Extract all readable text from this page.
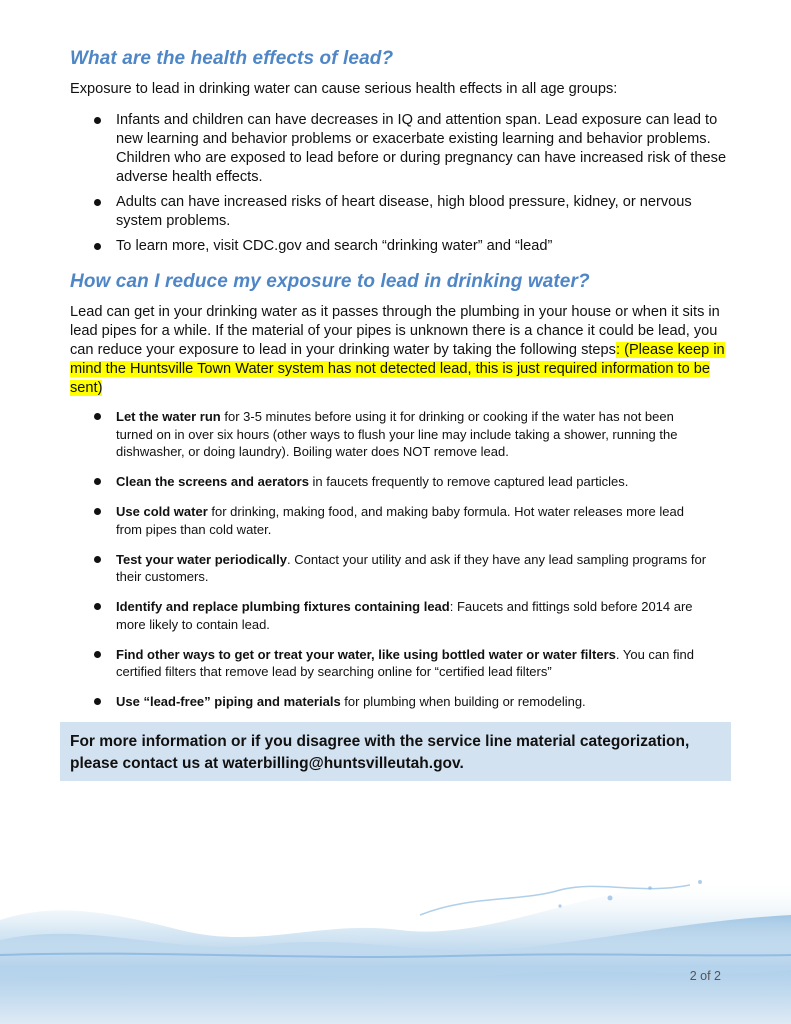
What are the health effects of lead?

Exposure to lead in drinking water can cause serious health effects in all age groups:

Infants and children can have decreases in IQ and attention span. Lead exposure can lead to new learning and behavior problems or exacerbate existing learning and behavior problems. Children who are exposed to lead before or during pregnancy can have increased risk of these adverse health effects.
Adults can have increased risks of heart disease, high blood pressure, kidney, or nervous system problems.
To learn more, visit CDC.gov and search “drinking water” and “lead”
How can I reduce my exposure to lead in drinking water?

Lead can get in your drinking water as it passes through the plumbing in your house or when it sits in lead pipes for a while. If the material of your pipes is unknown there is a chance it could be lead, you can reduce your exposure to lead in your drinking water by taking the following steps: (Please keep in mind the Huntsville Town Water system has not detected lead, this is just required information to be sent)

Let the water run for 3-5 minutes before using it for drinking or cooking if the water has not been turned on in over six hours (other ways to flush your line may include taking a shower, running the dishwasher, or doing laundry). Boiling water does NOT remove lead.
Clean the screens and aerators in faucets frequently to remove captured lead particles.
Use cold water for drinking, making food, and making baby formula. Hot water releases more lead from pipes than cold water.
Test your water periodically. Contact your utility and ask if they have any lead sampling programs for their customers.
Identify and replace plumbing fixtures containing lead: Faucets and fittings sold before 2014 are more likely to contain lead.
Find other ways to get or treat your water, like using bottled water or water filters. You can find certified filters that remove lead by searching online for “certified lead filters”
Use “lead-free” piping and materials for plumbing when building or remodeling.
For more information or if you disagree with the service line material categorization, please contact us at waterbilling@huntsvilleutah.gov.
2 of 2
